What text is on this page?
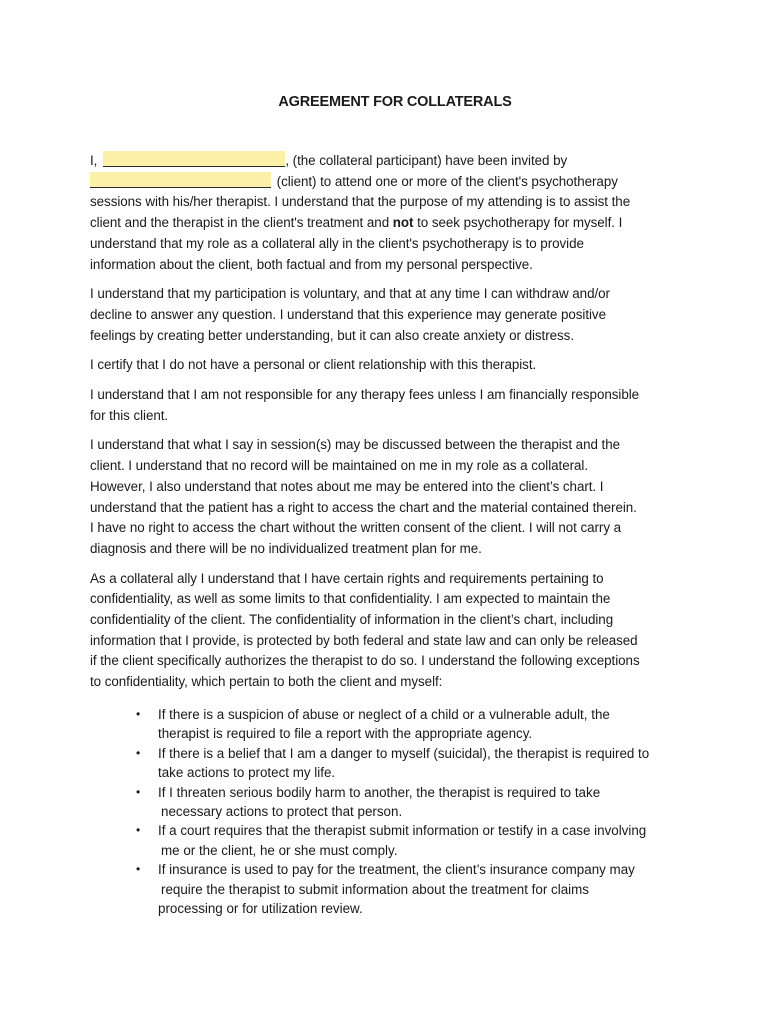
AGREEMENT FOR COLLATERALS
I,	, (the collateral participant) have been invited by
(client) to attend one or more of the client's psychotherapy
sessions with his/her therapist. I understand that the purpose of my attending is to assist the
client and the therapist in the client's treatment and not to seek psychotherapy for myself. I
understand that my role as a collateral ally in the client's psychotherapy is to provide
information about the client, both factual and from my personal perspective.
I understand that my participation is voluntary, and that at any time I can withdraw and/or
decline to answer any question. I understand that this experience may generate positive
feelings by creating better understanding, but it can also create anxiety or distress.
I certify that I do not have a personal or client relationship with this therapist.
I understand that I am not responsible for any therapy fees unless I am financially responsible
for this client.
I understand that what I say in session(s) may be discussed between the therapist and the
client. I understand that no record will be maintained on me in my role as a collateral.
However, I also understand that notes about me may be entered into the client’s chart. I
understand that the patient has a right to access the chart and the material contained therein.
I have no right to access the chart without the written consent of the client. I will not carry a
diagnosis and there will be no individualized treatment plan for me.
As a collateral ally I understand that I have certain rights and requirements pertaining to
confidentiality, as well as some limits to that confidentiality. I am expected to maintain the
confidentiality of the client. The confidentiality of information in the client’s chart, including
information that I provide, is protected by both federal and state law and can only be released
if the client specifically authorizes the therapist to do so. I understand the following exceptions
to confidentiality, which pertain to both the client and myself:
• If there is a suspicion of abuse or neglect of a child or a vulnerable adult, the
therapist is required to file a report with the appropriate agency.
• If there is a belief that I am a danger to myself (suicidal), the therapist is required to
take actions to protect my life.
• If I threaten serious bodily harm to another, the therapist is required to take
necessary actions to protect that person.
• If a court requires that the therapist submit information or testify in a case involving
me or the client, he or she must comply.
• If insurance is used to pay for the treatment, the client’s insurance company may
require the therapist to submit information about the treatment for claims
processing or for utilization review.
